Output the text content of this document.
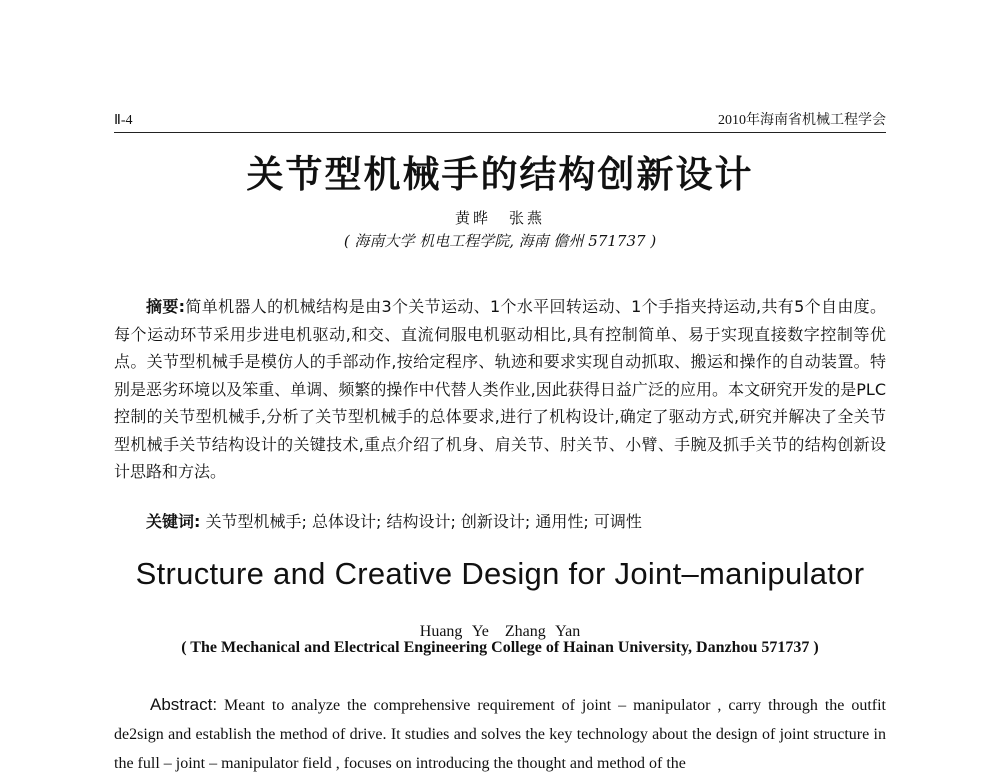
Ⅱ-4	2010年海南省机械工程学会
关节型机械手的结构创新设计
黄晔　张燕
( 海南大学 机电工程学院, 海南 儋州 571737 )

摘要:简单机器人的机械结构是由3个关节运动、1个水平回转运动、1个手指夹持运动,共有5个自由度。每个运动环节采用步进电机驱动,和交、直流伺服电机驱动相比,具有控制简单、易于实现直接数字控制等优点。关节型机械手是模仿人的手部动作,按给定程序、轨迹和要求实现自动抓取、搬运和操作的自动装置。特别是恶劣环境以及笨重、单调、频繁的操作中代替人类作业,因此获得日益广泛的应用。本文研究开发的是PLC 控制的关节型机械手,分析了关节型机械手的总体要求,进行了机构设计,确定了驱动方式,研究并解决了全关节型机械手关节结构设计的关键技术,重点介绍了机身、肩关节、肘关节、小臂、手腕及抓手关节的结构创新设计思路和方法。

关键词: 关节型机械手; 总体设计; 结构设计; 创新设计; 通用性; 可调性
Structure and Creative Design for Joint–manipulator
Huang Ye　Zhang Yan
( The Mechanical and Electrical Engineering College of Hainan University, Danzhou 571737 )

Abstract: Meant to analyze the comprehensive requirement of joint – manipulator , carry through the outfit de2sign and establish the method of drive. It studies and solves the key technology about the design of joint structure in the full – joint – manipulator field , focuses on introducing the thought and method of the
